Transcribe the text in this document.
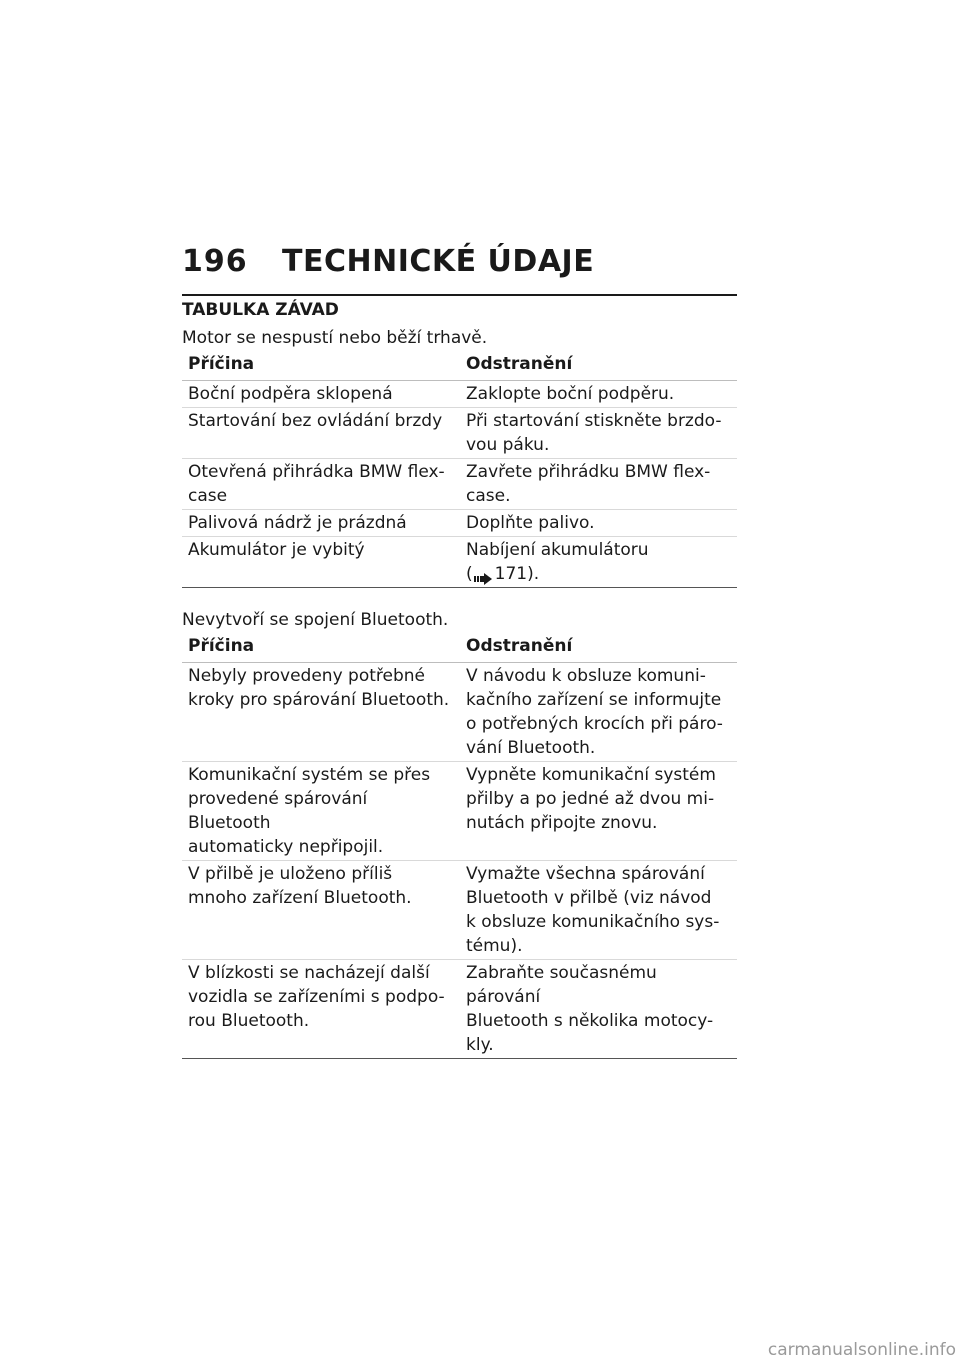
196	TECHNICKÉ ÚDAJE
TABULKA ZÁVAD

Motor se nespustí nebo běží trhavě.

Příčina	Odstranění
Boční podpěra sklopená	Zaklopte boční podpěru.
Startování bez ovládání brzdy	Při startování stiskněte brzdo-
vou páku.
Otevřená přihrádka BMW flex-
case	Zavřete přihrádku BMW flex-
case.
Palivová nádrž je prázdná	Doplňte palivo.
Akumulátor je vybitý	Nabíjení akumulátoru
( 171).

Nevytvoří se spojení Bluetooth.

Příčina	Odstranění
Nebyly provedeny potřebné
kroky pro spárování Bluetooth.	V návodu k obsluze komuni-
kačního zařízení se informujte
o potřebných krocích při páro-
vání Bluetooth.
Komunikační systém se přes
provedené spárování Bluetooth
automaticky nepřipojil.	Vypněte komunikační systém
přilby a po jedné až dvou mi-
nutách připojte znovu.
V přilbě je uloženo příliš
mnoho zařízení Bluetooth.	Vymažte všechna spárování
Bluetooth v přilbě (viz návod
k obsluze komunikačního sys-
tému).
V blízkosti se nacházejí další
vozidla se zařízeními s podpo-
rou Bluetooth.	Zabraňte současnému párování
Bluetooth s několika motocy-
kly.
carmanualsonline.info
